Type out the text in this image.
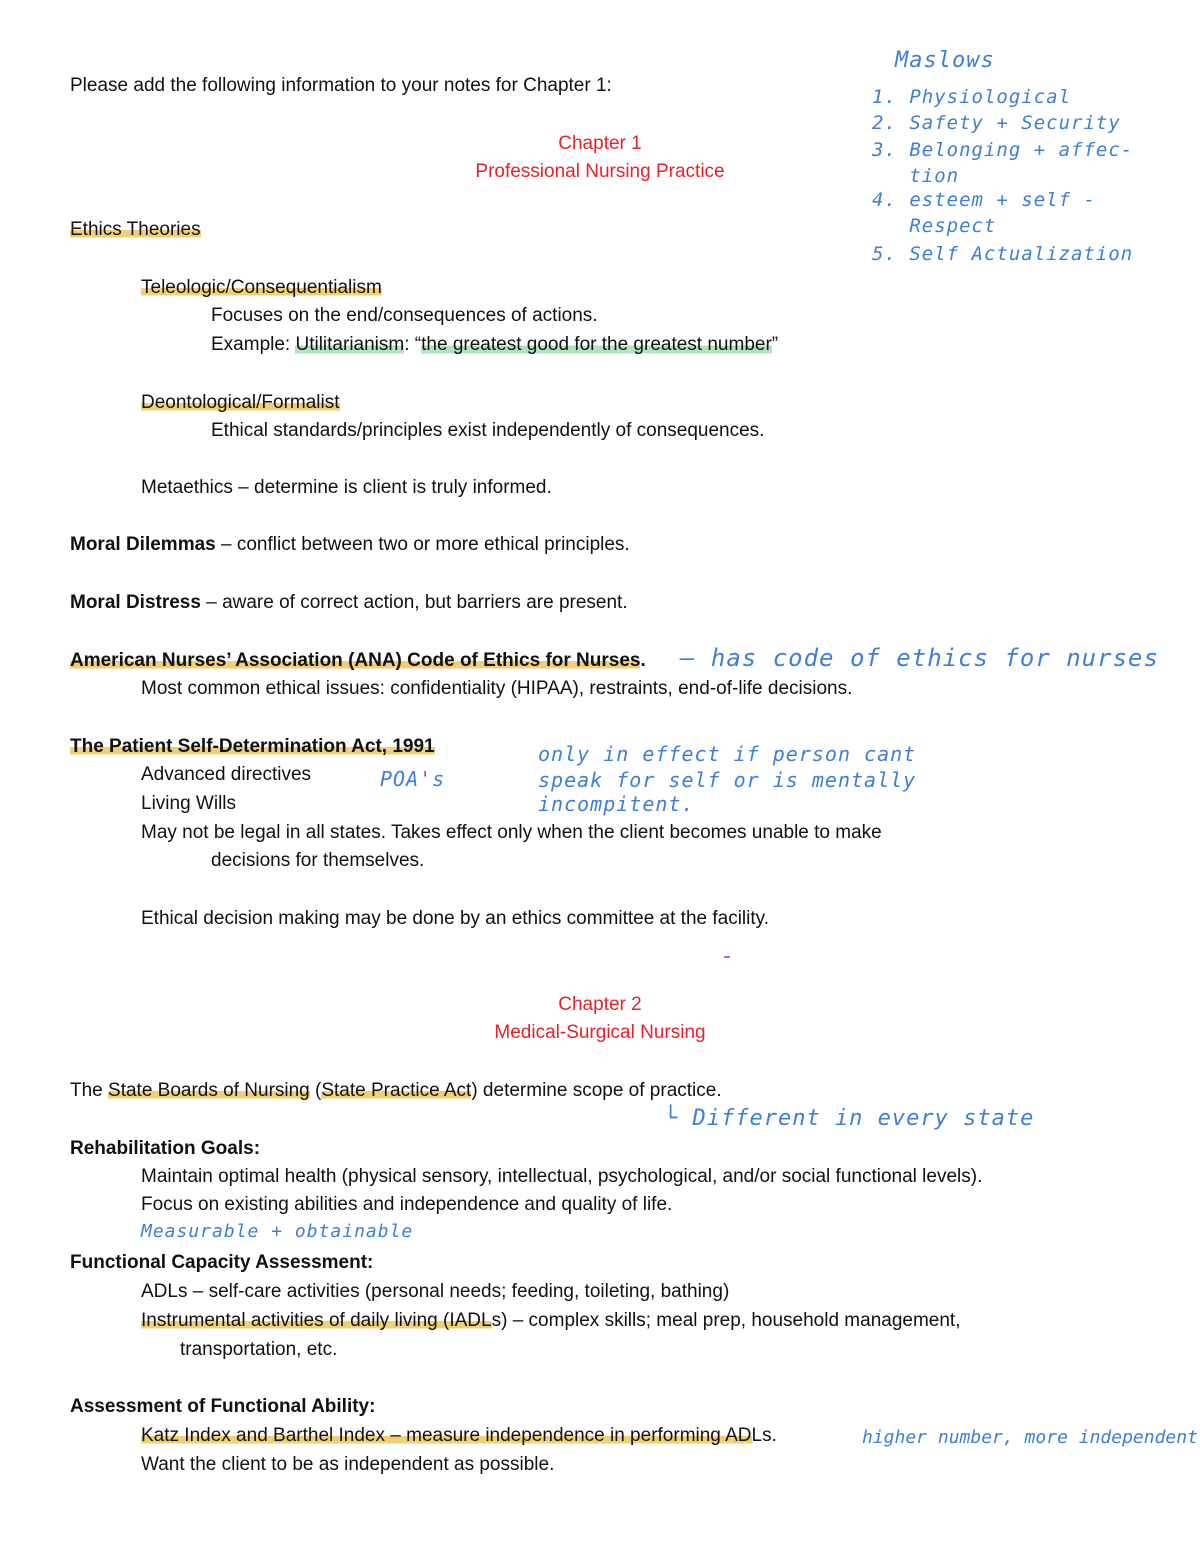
Please add the following information to your notes for Chapter 1:
Chapter 1
Professional Nursing Practice
Ethics Theories
Teleologic/Consequentialism
Focuses on the end/consequences of actions.
Example: Utilitarianism: “the greatest good for the greatest number”
Deontological/Formalist
Ethical standards/principles exist independently of consequences.
Metaethics – determine is client is truly informed.
Moral Dilemmas – conflict between two or more ethical principles.
Moral Distress – aware of correct action, but barriers are present.
American Nurses’ Association (ANA) Code of Ethics for Nurses.
Most common ethical issues: confidentiality (HIPAA), restraints, end-of-life decisions.
The Patient Self-Determination Act, 1991
Advanced directives
Living Wills
May not be legal in all states. Takes effect only when the client becomes unable to make
decisions for themselves.
Ethical decision making may be done by an ethics committee at the facility.
Chapter 2
Medical-Surgical Nursing
The State Boards of Nursing (State Practice Act) determine scope of practice.
Rehabilitation Goals:
Maintain optimal health (physical sensory, intellectual, psychological, and/or social functional levels).
Focus on existing abilities and independence and quality of life.
Functional Capacity Assessment:
ADLs – self-care activities (personal needs; feeding, toileting, bathing)
Instrumental activities of daily living (IADLs) – complex skills; meal prep, household management,
transportation, etc.
Assessment of Functional Ability:
Katz Index and Barthel Index – measure independence in performing ADLs.
Want the client to be as independent as possible.
Maslows
1. Physiological
2. Safety + Security
3. Belonging + affec-
tion
4. esteem + self -
Respect
5. Self Actualization
– has code of ethics for nurses
POA's
only in effect if person cant
speak for self or is mentally
incompitent.
└ Different in every state
Measurable + obtainable
higher number, more independent
